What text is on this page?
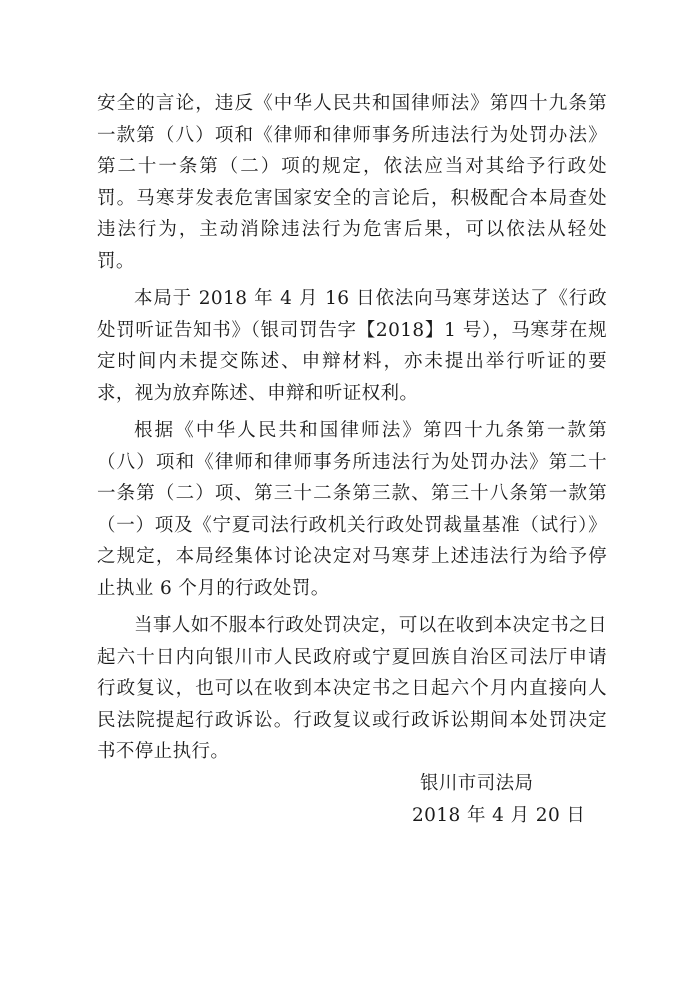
安全的言论，违反《中华人民共和国律师法》第四十九条第一款第（八）项和《律师和律师事务所违法行为处罚办法》第二十一条第（二）项的规定，依法应当对其给予行政处罚。马寒芽发表危害国家安全的言论后，积极配合本局查处违法行为，主动消除违法行为危害后果，可以依法从轻处罚。

本局于 2018 年 4 月 16 日依法向马寒芽送达了《行政处罚听证告知书》（银司罚告字【2018】1 号），马寒芽在规定时间内未提交陈述、申辩材料，亦未提出举行听证的要求，视为放弃陈述、申辩和听证权利。

根据《中华人民共和国律师法》第四十九条第一款第（八）项和《律师和律师事务所违法行为处罚办法》第二十一条第（二）项、第三十二条第三款、第三十八条第一款第（一）项及《宁夏司法行政机关行政处罚裁量基准（试行）》之规定，本局经集体讨论决定对马寒芽上述违法行为给予停止执业 6 个月的行政处罚。

当事人如不服本行政处罚决定，可以在收到本决定书之日起六十日内向银川市人民政府或宁夏回族自治区司法厅申请行政复议，也可以在收到本决定书之日起六个月内直接向人民法院提起行政诉讼。行政复议或行政诉讼期间本处罚决定书不停止执行。

银川市司法局
2018 年 4 月 20 日
